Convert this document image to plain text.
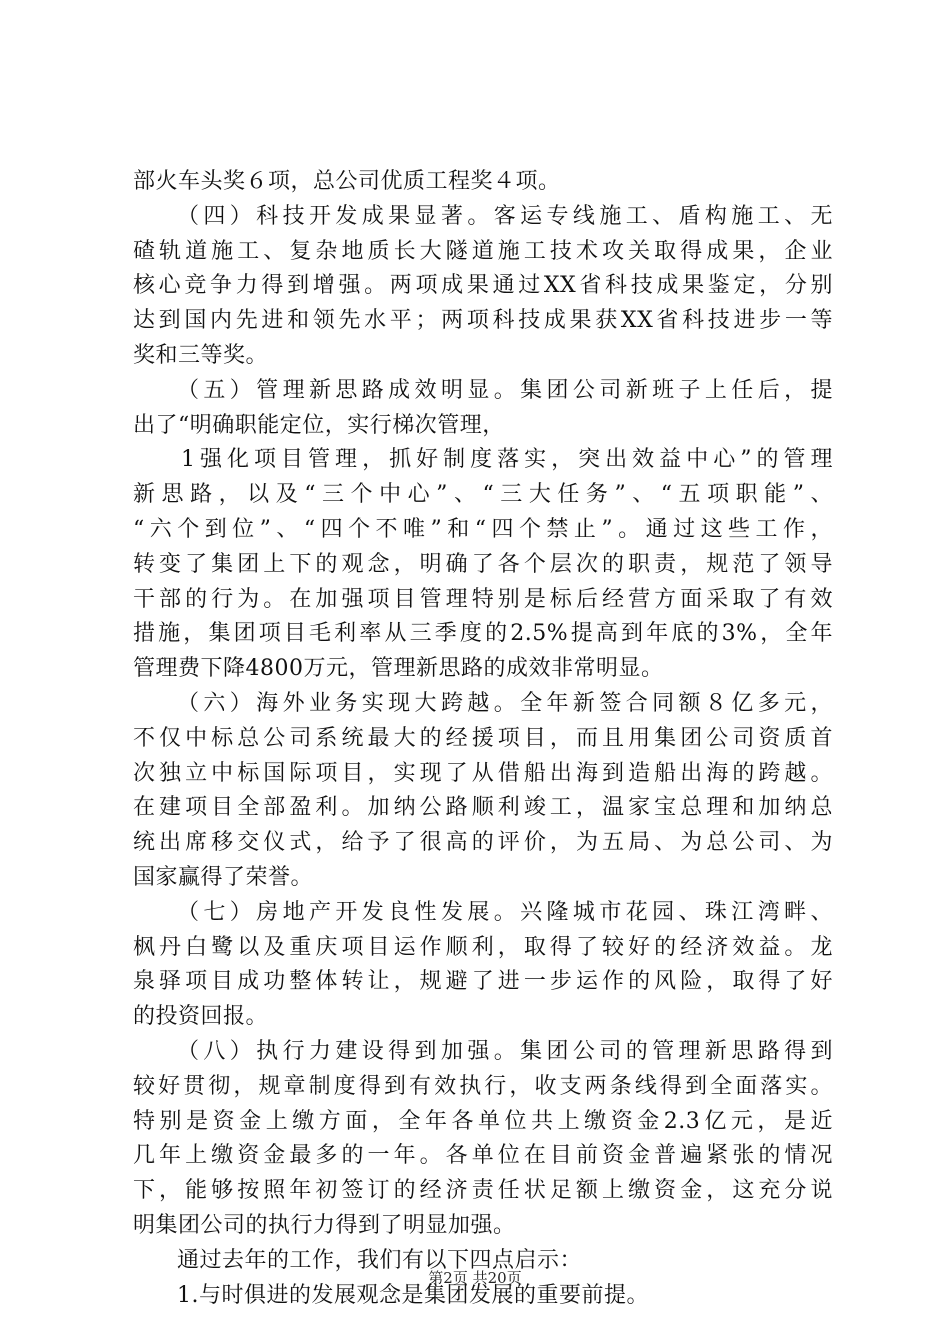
部火车头奖６项，总公司优质工程奖４项。
（四）科技开发成果显著。客运专线施工、盾构施工、无
碴轨道施工、复杂地质长大隧道施工技术攻关取得成果，企业
核心竞争力得到增强。两项成果通过XX省科技成果鉴定，分别
达到国内先进和领先水平；两项科技成果获XX省科技进步一等
奖和三等奖。
（五）管理新思路成效明显。集团公司新班子上任后，提
出了“明确职能定位，实行梯次管理，
1强化项目管理，抓好制度落实，突出效益中心”的管理
新思路，以及“三个中心”、“三大任务”、“五项职能”、
“六个到位”、“四个不唯”和“四个禁止”。通过这些工作，
转变了集团上下的观念，明确了各个层次的职责，规范了领导
干部的行为。在加强项目管理特别是标后经营方面采取了有效
措施，集团项目毛利率从三季度的2.5%提高到年底的3%，全年
管理费下降4800万元，管理新思路的成效非常明显。
（六）海外业务实现大跨越。全年新签合同额８亿多元，
不仅中标总公司系统最大的经援项目，而且用集团公司资质首
次独立中标国际项目，实现了从借船出海到造船出海的跨越。
在建项目全部盈利。加纳公路顺利竣工，温家宝总理和加纳总
统出席移交仪式，给予了很高的评价，为五局、为总公司、为
国家赢得了荣誉。
（七）房地产开发良性发展。兴隆城市花园、珠江湾畔、
枫丹白鹭以及重庆项目运作顺利，取得了较好的经济效益。龙
泉驿项目成功整体转让，规避了进一步运作的风险，取得了好
的投资回报。
（八）执行力建设得到加强。集团公司的管理新思路得到
较好贯彻，规章制度得到有效执行，收支两条线得到全面落实。
特别是资金上缴方面，全年各单位共上缴资金2.3亿元，是近
几年上缴资金最多的一年。各单位在目前资金普遍紧张的情况
下，能够按照年初签订的经济责任状足额上缴资金，这充分说
明集团公司的执行力得到了明显加强。
通过去年的工作，我们有以下四点启示：
1.与时俱进的发展观念是集团发展的重要前提。
第2页 共20页
